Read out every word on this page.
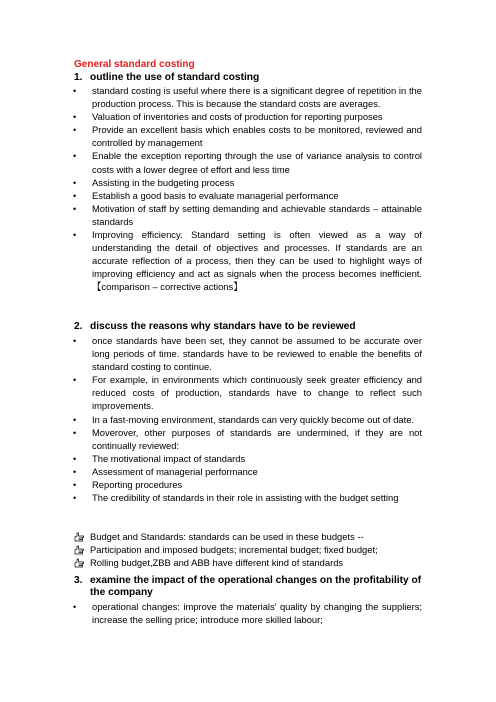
General standard costing
1. outline the use of standard costing
• standard costing is useful where there is a significant degree of repetition in the production process. This is because the standard costs are averages.
• Valuation of inventories and costs of production for reporting purposes
• Provide an excellent basis which enables costs to be monitored, reviewed and controlled by management
• Enable the exception reporting through the use of variance analysis to control costs with a lower degree of effort and less time
• Assisting in the budgeting process
• Establish a good basis to evaluate managerial performance
• Motivation of staff by setting demanding and achievable standards – attainable standards
• Improving efficiency. Standard setting is often viewed as a way of understanding the detail of objectives and processes. If standards are an accurate reflection of a process, then they can be used to highlight ways of improving efficiency and act as signals when the process becomes inefficient. 【comparison – corrective actions】
2. discuss the reasons why standars have to be reviewed
• once standards have been set, they cannot be assumed to be accurate over long periods of time. standards have to be reviewed to enable the benefits of standard costing to continue.
• For example, in environments which continuously seek greater efficiency and reduced costs of production, standards have to change to reflect such improvements.
• In a fast-moving environment, standards can very quickly become out of date.
• Moverover, other purposes of standards are undermined, if they are not continually reviewed:
• The motivational impact of standards
• Assessment of managerial performance
• Reporting procedures
• The credibility of standards in their role in assisting with the budget setting
Budget and Standards: standards can be used in these budgets --
Participation and imposed budgets; incremental budget; fixed budget;
Rolling budget,ZBB and ABB have different kind of standards
3. examine the impact of the operational changes on the profitability of
the company
• operational changes: improve the materials' quality by changing the suppliers; increase the selling price; introduce more skilled labour;
